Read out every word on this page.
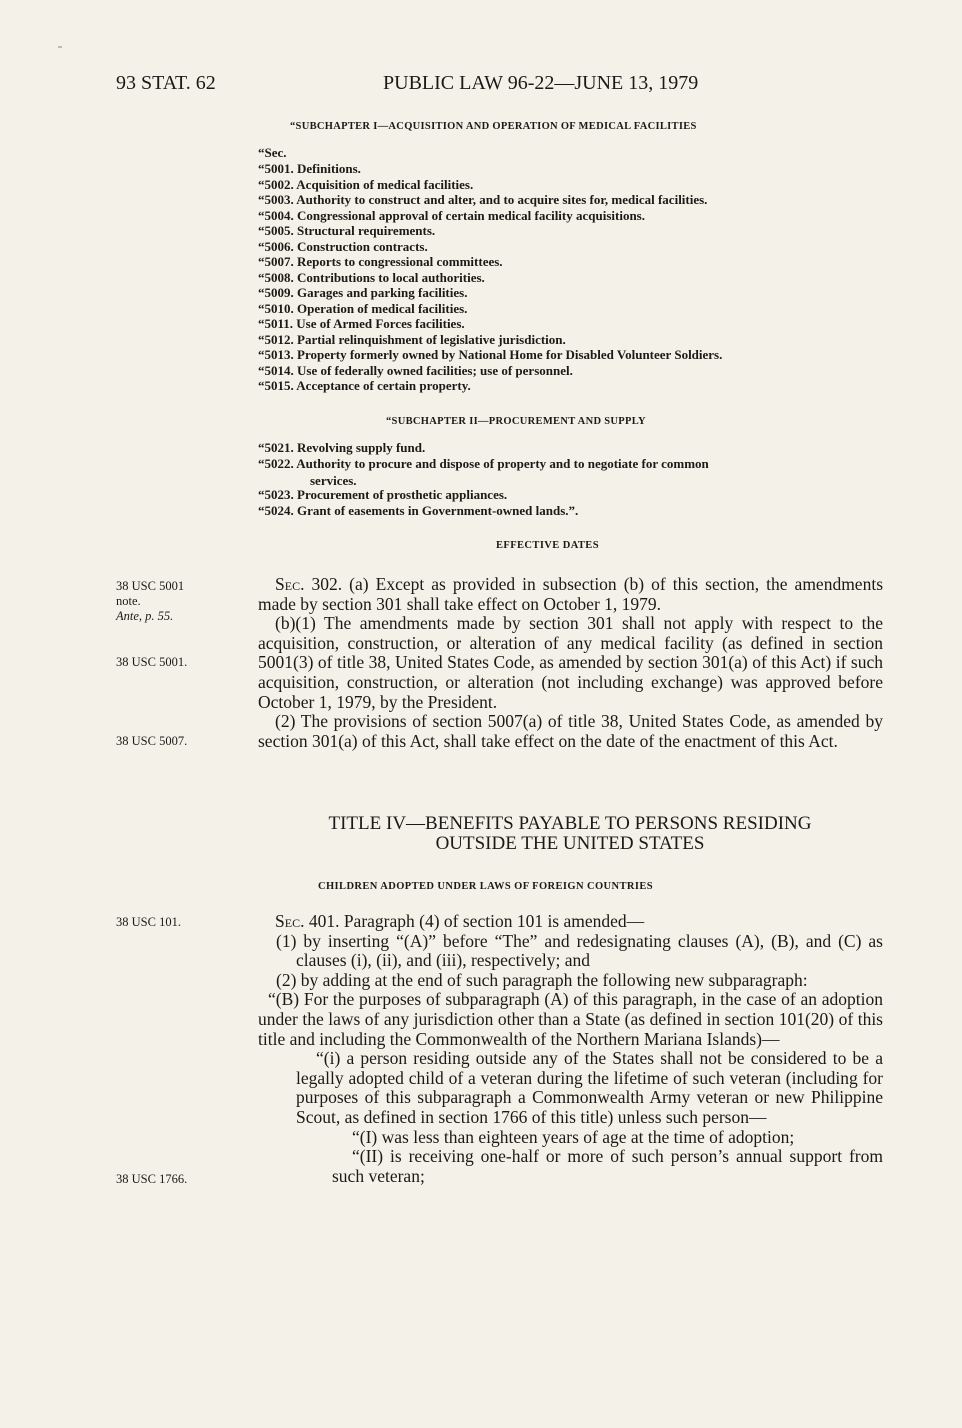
93 STAT. 62	PUBLIC LAW 96-22—JUNE 13, 1979
“SUBCHAPTER I—ACQUISITION AND OPERATION OF MEDICAL FACILITIES
“Sec.
“5001. Definitions.
“5002. Acquisition of medical facilities.
“5003. Authority to construct and alter, and to acquire sites for, medical facilities.
“5004. Congressional approval of certain medical facility acquisitions.
“5005. Structural requirements.
“5006. Construction contracts.
“5007. Reports to congressional committees.
“5008. Contributions to local authorities.
“5009. Garages and parking facilities.
“5010. Operation of medical facilities.
“5011. Use of Armed Forces facilities.
“5012. Partial relinquishment of legislative jurisdiction.
“5013. Property formerly owned by National Home for Disabled Volunteer Soldiers.
“5014. Use of federally owned facilities; use of personnel.
“5015. Acceptance of certain property.
“SUBCHAPTER II—PROCUREMENT AND SUPPLY
“5021. Revolving supply fund.
“5022. Authority to procure and dispose of property and to negotiate for common
services.
“5023. Procurement of prosthetic appliances.
“5024. Grant of easements in Government-owned lands.”.
EFFECTIVE DATES
38 USC 5001
note.
Ante, p. 55.
38 USC 5001.
38 USC 5007.

Sec. 302. (a) Except as provided in subsection (b) of this section, the amendments made by section 301 shall take effect on October 1, 1979.

(b)(1) The amendments made by section 301 shall not apply with respect to the acquisition, construction, or alteration of any medical facility (as defined in section 5001(3) of title 38, United States Code, as amended by section 301(a) of this Act) if such acquisition, construction, or alteration (not including exchange) was approved before October 1, 1979, by the President.

(2) The provisions of section 5007(a) of title 38, United States Code, as amended by section 301(a) of this Act, shall take effect on the date of the enactment of this Act.

TITLE IV—BENEFITS PAYABLE TO PERSONS RESIDING
OUTSIDE THE UNITED STATES
CHILDREN ADOPTED UNDER LAWS OF FOREIGN COUNTRIES
38 USC 101.
38 USC 1766.

Sec. 401. Paragraph (4) of section 101 is amended—

(1) by inserting “(A)” before “The” and redesignating clauses (A), (B), and (C) as clauses (i), (ii), and (iii), respectively; and

(2) by adding at the end of such paragraph the following new subparagraph:

“(B) For the purposes of subparagraph (A) of this paragraph, in the case of an adoption under the laws of any jurisdiction other than a State (as defined in section 101(20) of this title and including the Commonwealth of the Northern Mariana Islands)—

“(i) a person residing outside any of the States shall not be considered to be a legally adopted child of a veteran during the lifetime of such veteran (including for purposes of this subparagraph a Commonwealth Army veteran or new Philippine Scout, as defined in section 1766 of this title) unless such person—

“(I) was less than eighteen years of age at the time of adoption;

“(II) is receiving one-half or more of such person’s annual support from such veteran;
